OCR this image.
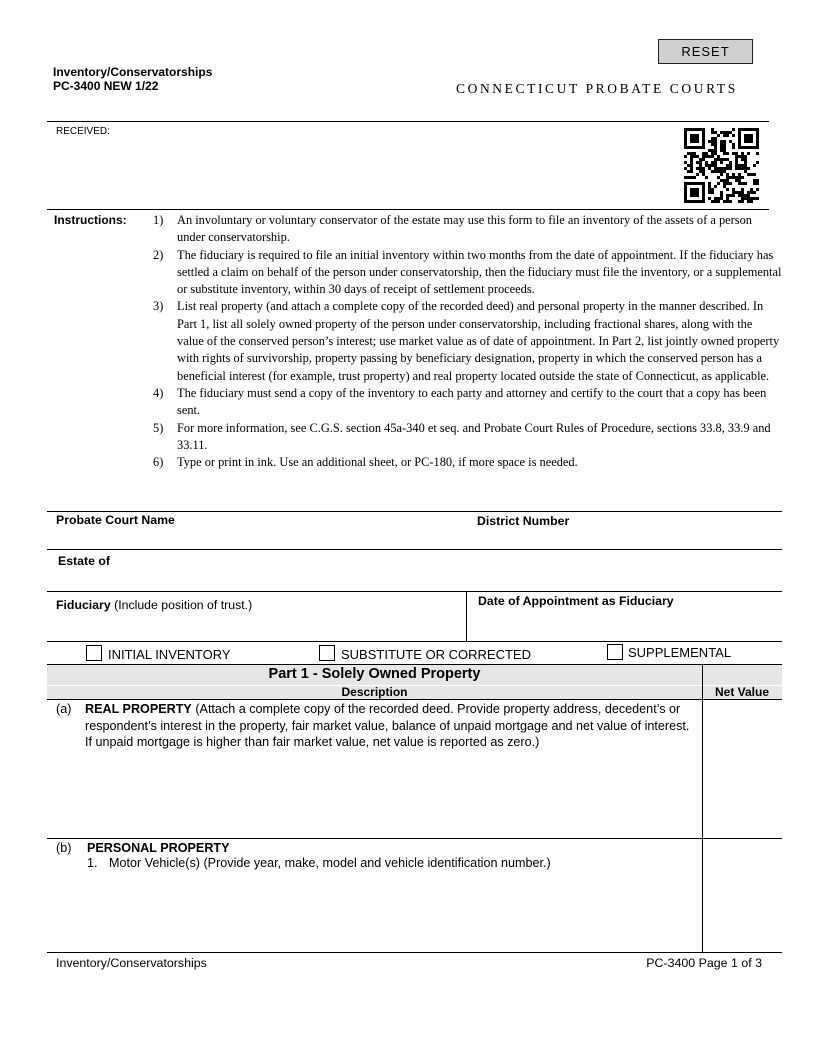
RESET
Inventory/Conservatorships
PC-3400 NEW 1/22	CONNECTICUT PROBATE COURTS
RECEIVED:
Instructions: 1) An involuntary or voluntary conservator of the estate may use this form to file an inventory of the assets of a person under conservatorship.
2) The fiduciary is required to file an initial inventory within two months from the date of appointment. If the fiduciary has settled a claim on behalf of the person under conservatorship, then the fiduciary must file the inventory, or a supplemental or substitute inventory, within 30 days of receipt of settlement proceeds.
3) List real property (and attach a complete copy of the recorded deed) and personal property in the manner described. In Part 1, list all solely owned property of the person under conservatorship, including fractional shares, along with the value of the conserved person’s interest; use market value as of date of appointment. In Part 2, list jointly owned property with rights of survivorship, property passing by beneficiary designation, property in which the conserved person has a beneficial interest (for example, trust property) and real property located outside the state of Connecticut, as applicable.
4) The fiduciary must send a copy of the inventory to each party and attorney and certify to the court that a copy has been sent.
5) For more information, see C.G.S. section 45a-340 et seq. and Probate Court Rules of Procedure, sections 33.8, 33.9 and 33.11.
6) Type or print in ink. Use an additional sheet, or PC-180, if more space is needed.
Probate Court Name	District Number
Estate of
Fiduciary (Include position of trust.)	Date of Appointment as Fiduciary
INITIAL INVENTORY	SUBSTITUTE OR CORRECTED	SUPPLEMENTAL
Part 1 - Solely Owned Property
Description	Net Value
(a) REAL PROPERTY (Attach a complete copy of the recorded deed. Provide property address, decedent’s or respondent’s interest in the property, fair market value, balance of unpaid mortgage and net value of interest. If unpaid mortgage is higher than fair market value, net value is reported as zero.)
(b) PERSONAL PROPERTY
1. Motor Vehicle(s) (Provide year, make, model and vehicle identification number.)
Inventory/Conservatorships	PC-3400 Page 1 of 3
